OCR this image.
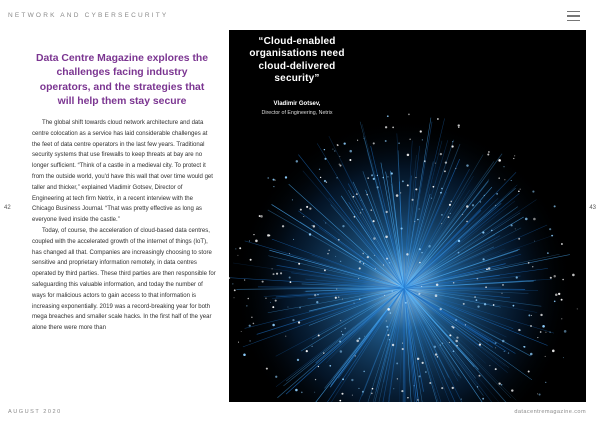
NETWORK AND CYBERSECURITY
Data Centre Magazine explores the challenges facing industry operators, and the strategies that will help them stay secure

The global shift towards cloud network architecture and data centre colocation as a service has laid considerable challenges at the feet of data centre operators in the last few years. Traditional security systems that use firewalls to keep threats at bay are no longer sufficient. “Think of a castle in a medieval city. To protect it from the outside world, you'd have this wall that over time would get taller and thicker,” explained Vladimir Gotsev, Director of Engineering at tech firm Netrix, in a recent interview with the Chicago Business Journal. “That was pretty effective as long as everyone lived inside the castle.”

Today, of course, the acceleration of cloud-based data centres, coupled with the accelerated growth of the internet of things (IoT), has changed all that. Companies are increasingly choosing to store sensitive and proprietary information remotely, in data centres operated by third parties. These third parties are then responsible for safeguarding this valuable information, and today the number of ways for malicious actors to gain access to that information is increasing exponentially. 2019 was a record-breaking year for both mega breaches and smaller scale hacks. In the first half of the year alone there were more than

42	43
“Cloud-enabled organisations need cloud-delivered security”
Vladimir Gotsev,
Director of Engineering, Netrix
AUGUST 2020	datacentremagazine.com
